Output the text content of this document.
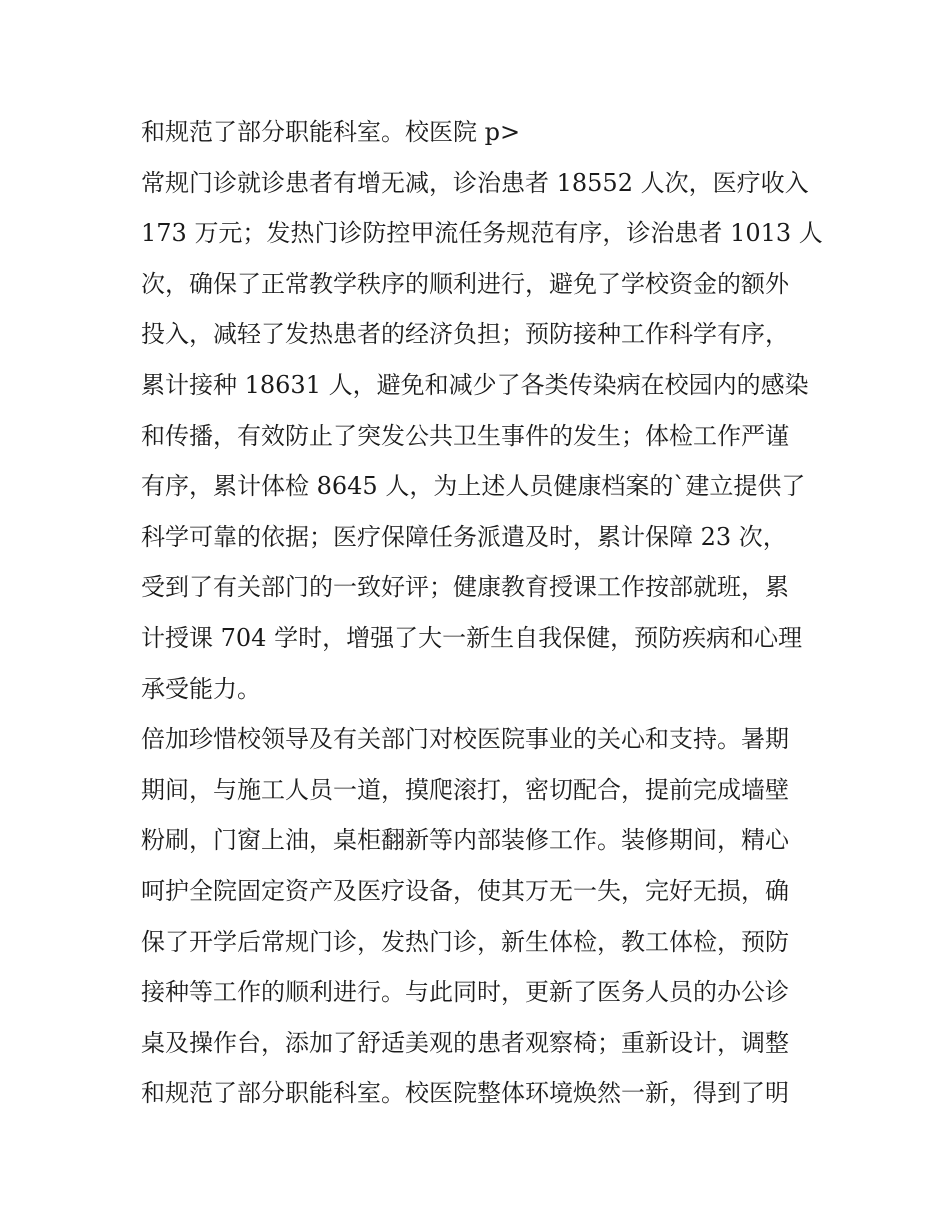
和规范了部分职能科室。校医院 p>
常规门诊就诊患者有增无减，诊治患者 18552 人次，医疗收入
173 万元；发热门诊防控甲流任务规范有序，诊治患者 1013 人
次，确保了正常教学秩序的顺利进行，避免了学校资金的额外
投入，减轻了发热患者的经济负担；预防接种工作科学有序，
累计接种 18631 人，避免和减少了各类传染病在校园内的感染
和传播，有效防止了突发公共卫生事件的发生；体检工作严谨
有序，累计体检 8645 人，为上述人员健康档案的`建立提供了
科学可靠的依据；医疗保障任务派遣及时，累计保障 23 次，
受到了有关部门的一致好评；健康教育授课工作按部就班，累
计授课 704 学时，增强了大一新生自我保健，预防疾病和心理
承受能力。
倍加珍惜校领导及有关部门对校医院事业的关心和支持。暑期
期间，与施工人员一道，摸爬滚打，密切配合，提前完成墙壁
粉刷，门窗上油，桌柜翻新等内部装修工作。装修期间，精心
呵护全院固定资产及医疗设备，使其万无一失，完好无损，确
保了开学后常规门诊，发热门诊，新生体检，教工体检，预防
接种等工作的顺利进行。与此同时，更新了医务人员的办公诊
桌及操作台，添加了舒适美观的患者观察椅；重新设计，调整
和规范了部分职能科室。校医院整体环境焕然一新，得到了明
